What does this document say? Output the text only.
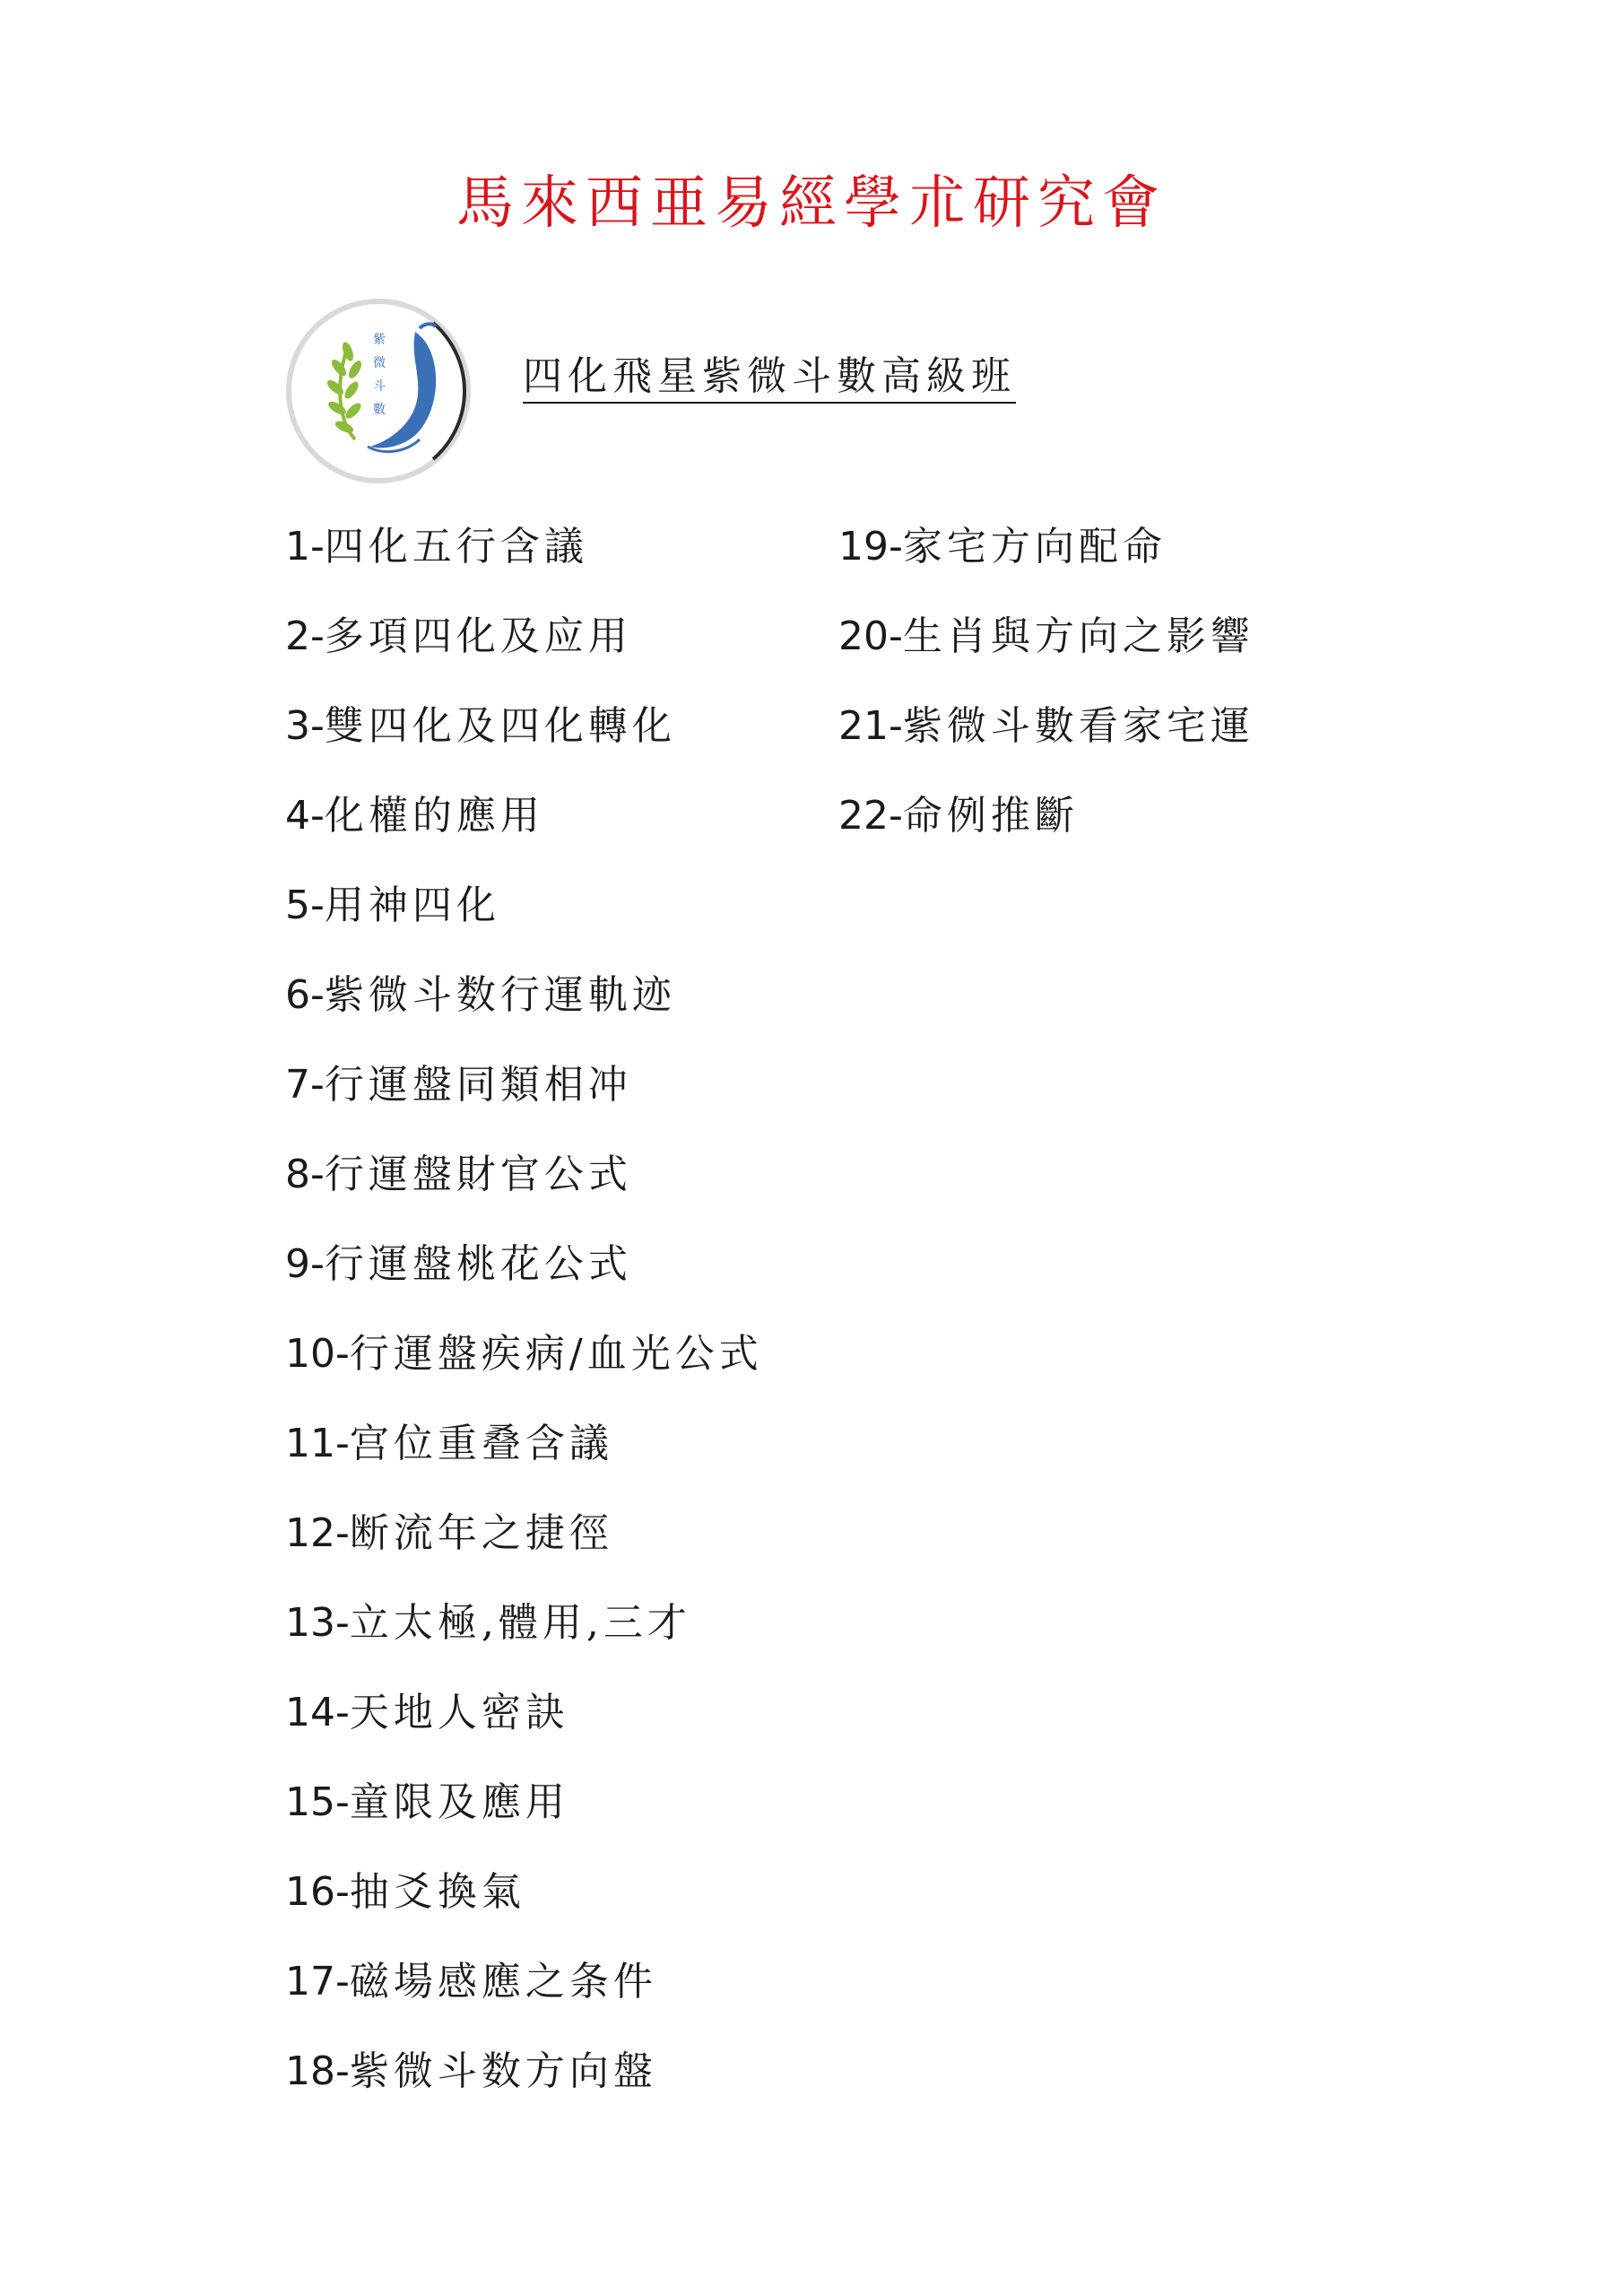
馬來西亜易經學朮研究會
紫
微
斗
數
四化飛星紫微斗數高級班
1-四化五行含議
2-多項四化及应用
3-雙四化及四化轉化
4-化權的應用
5-用神四化
6-紫微斗数行運軌迹
7-行運盤同類相冲
8-行運盤財官公式
9-行運盤桃花公式
10-行運盤疾病/血光公式
11-宫位重叠含議
12-断流年之捷徑
13-立太極,體用,三才
14-天地人密訣
15-童限及應用
16-抽爻換氣
17-磁場感應之条件
18-紫微斗数方向盤
19-家宅方向配命
20-生肖與方向之影響
21-紫微斗數看家宅運
22-命例推斷
